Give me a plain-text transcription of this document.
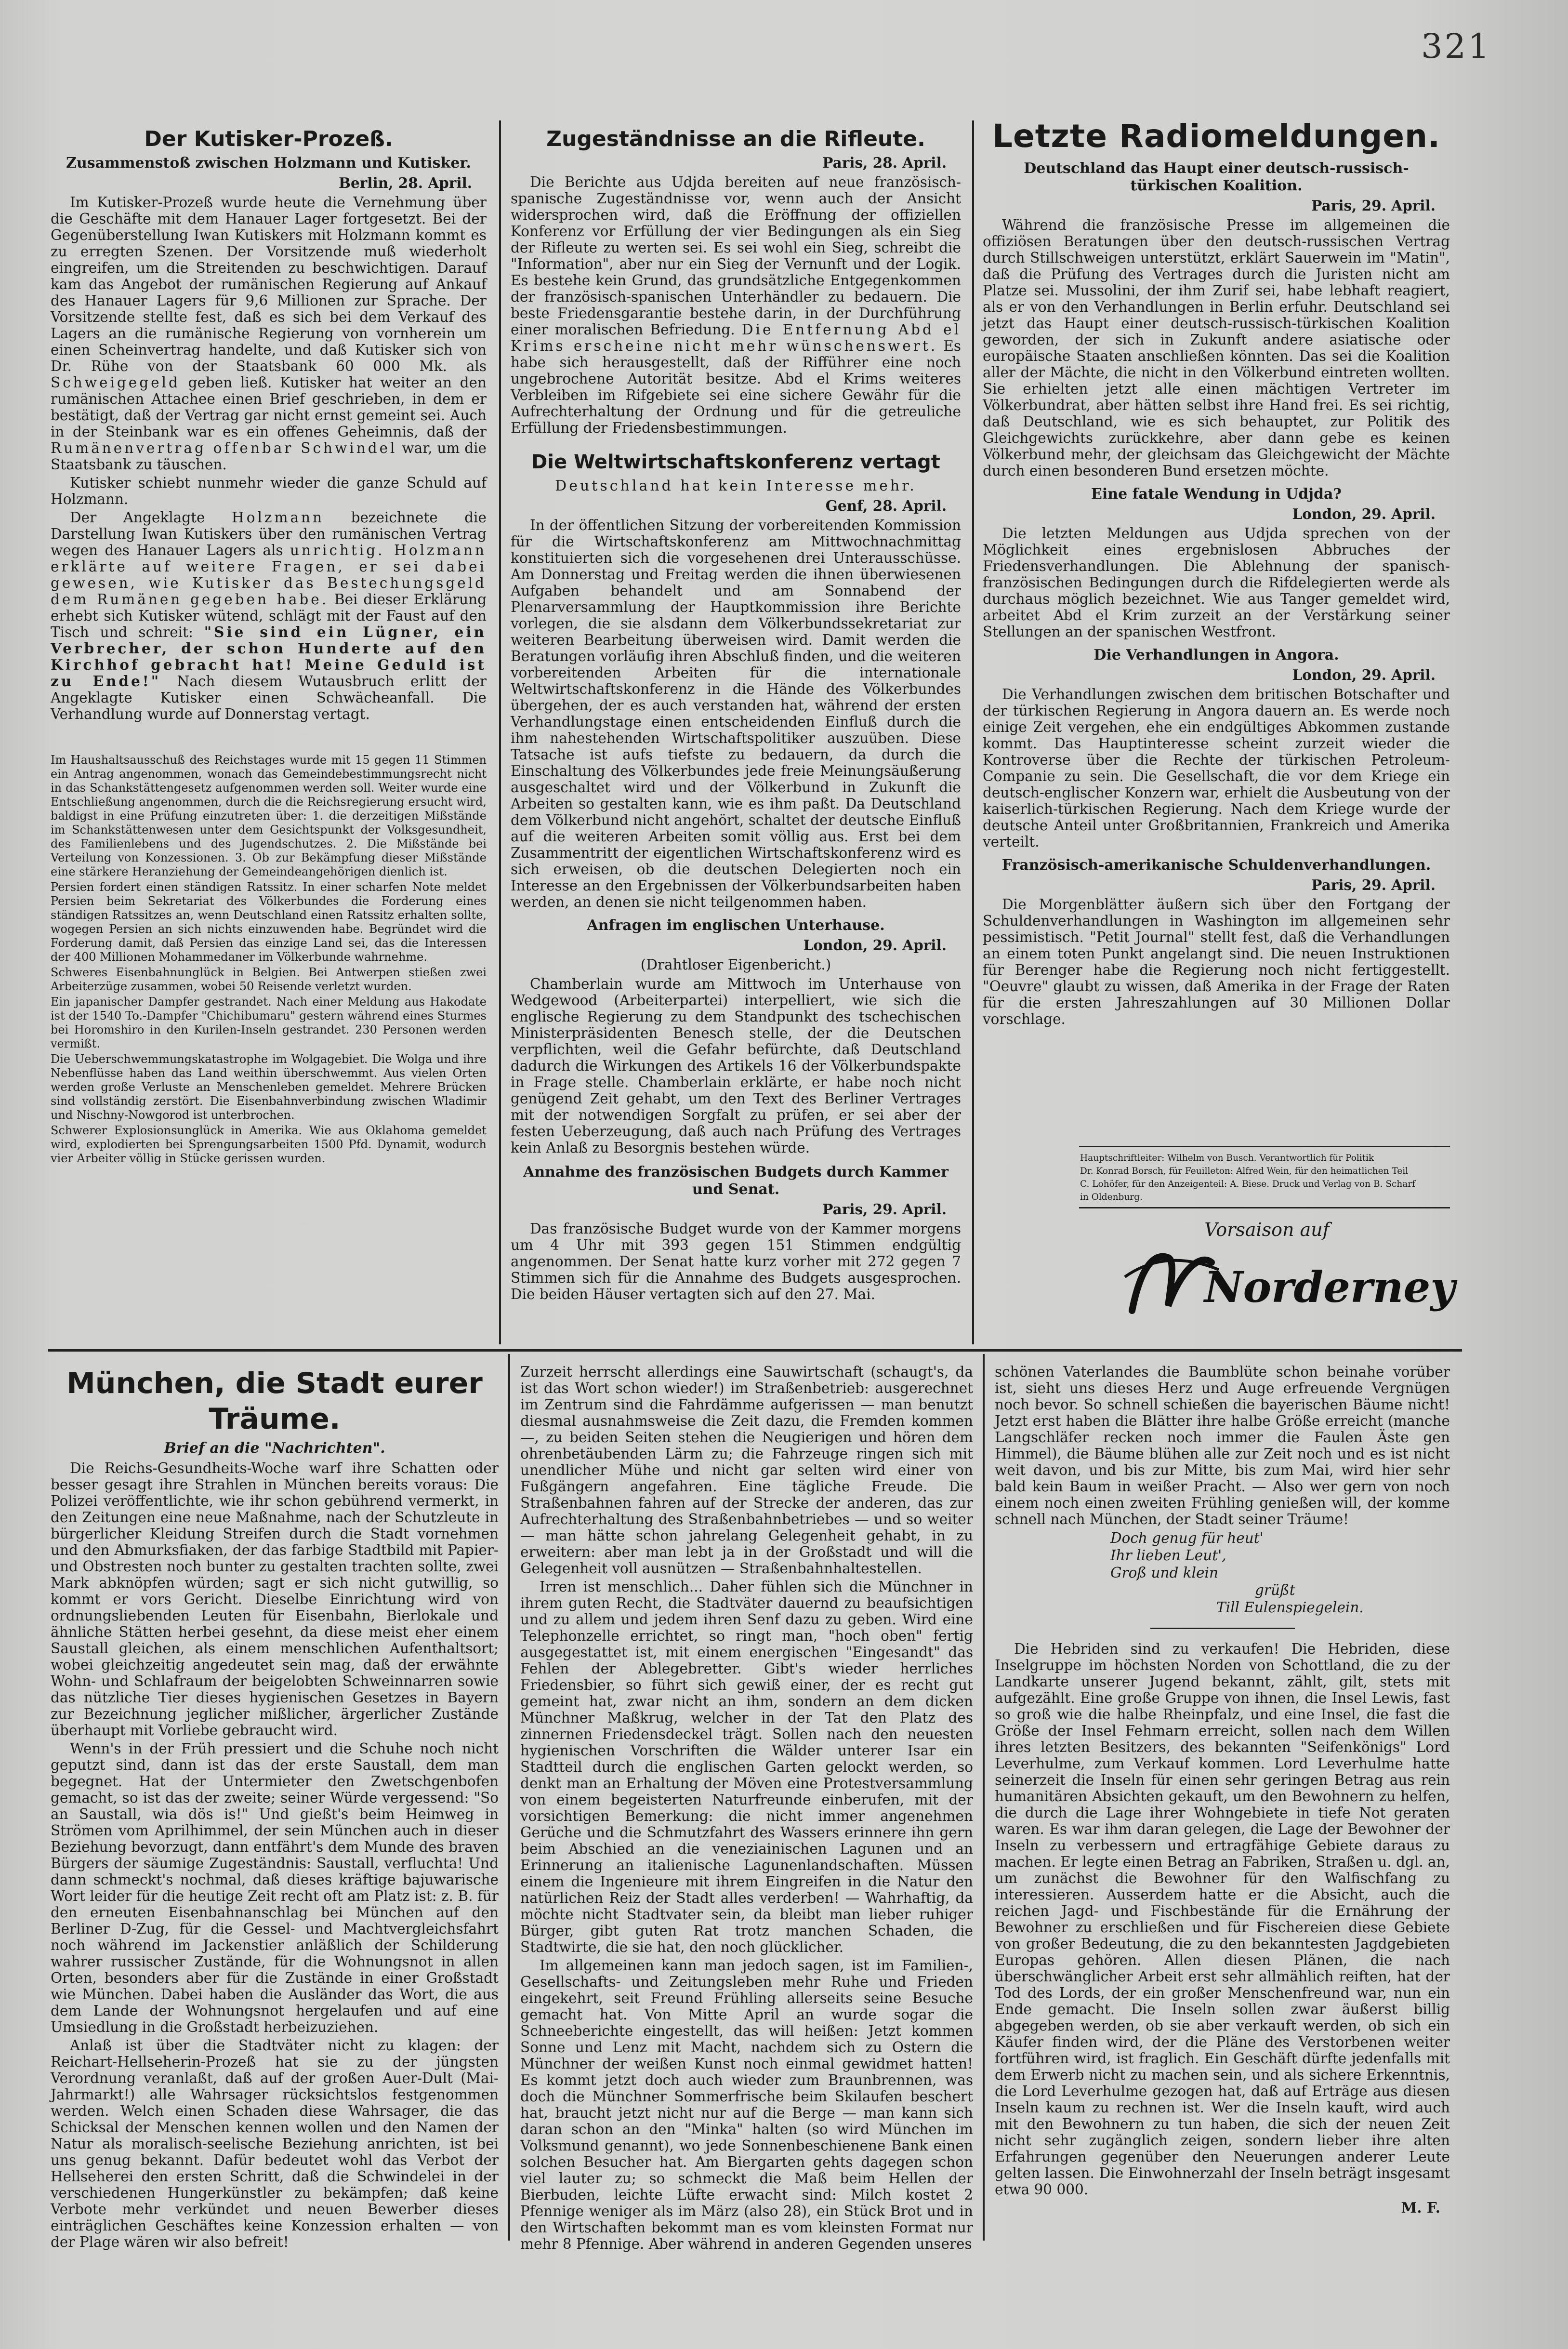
321
Der Kutisker-Prozeß.
Zusammenstoß zwischen Holzmann und Kutisker.
Berlin, 28. April.

Im Kutisker-Prozeß wurde heute die Vernehmung über die Geschäfte mit dem Hanauer Lager fortgesetzt. Bei der Gegenüberstellung Iwan Kutiskers mit Holzmann kommt es zu erregten Szenen. Der Vorsitzende muß wiederholt eingreifen, um die Streitenden zu beschwichtigen. Darauf kam das Angebot der rumänischen Regierung auf Ankauf des Hanauer Lagers für 9,6 Millionen zur Sprache. Der Vorsitzende stellte fest, daß es sich bei dem Verkauf des Lagers an die rumänische Regierung von vornherein um einen Scheinvertrag handelte, und daß Kutisker sich von Dr. Rühe von der Staatsbank 60 000 Mk. als Schweigegeld geben ließ. Kutisker hat weiter an den rumänischen Attachee einen Brief geschrieben, in dem er bestätigt, daß der Vertrag gar nicht ernst gemeint sei. Auch in der Steinbank war es ein offenes Geheimnis, daß der Rumänenvertrag offenbar Schwindel war, um die Staatsbank zu täuschen.

Kutisker schiebt nunmehr wieder die ganze Schuld auf Holzmann.

Der Angeklagte Holzmann bezeichnete die Darstellung Iwan Kutiskers über den rumänischen Vertrag wegen des Hanauer Lagers als unrichtig. Holzmann erklärte auf weitere Fragen, er sei dabei gewesen, wie Kutisker das Bestechungsgeld dem Rumänen gegeben habe. Bei dieser Erklärung erhebt sich Kutisker wütend, schlägt mit der Faust auf den Tisch und schreit: "Sie sind ein Lügner, ein Verbrecher, der schon Hunderte auf den Kirchhof gebracht hat! Meine Geduld ist zu Ende!" Nach diesem Wutausbruch erlitt der Angeklagte Kutisker einen Schwächeanfall. Die Verhandlung wurde auf Donnerstag vertagt.

Im Haushaltsausschuß des Reichstages wurde mit 15 gegen 11 Stimmen ein Antrag angenommen, wonach das Gemeindebestimmungsrecht nicht in das Schankstättengesetz aufgenommen werden soll. Weiter wurde eine Entschließung angenommen, durch die die Reichsregierung ersucht wird, baldigst in eine Prüfung einzutreten über: 1. die derzeitigen Mißstände im Schankstättenwesen unter dem Gesichtspunkt der Volksgesundheit, des Familienlebens und des Jugendschutzes. 2. Die Mißstände bei Verteilung von Konzessionen. 3. Ob zur Bekämpfung dieser Mißstände eine stärkere Heranziehung der Gemeindeangehörigen dienlich ist.

Persien fordert einen ständigen Ratssitz. In einer scharfen Note meldet Persien beim Sekretariat des Völkerbundes die Forderung eines ständigen Ratssitzes an, wenn Deutschland einen Ratssitz erhalten sollte, wogegen Persien an sich nichts einzuwenden habe. Begründet wird die Forderung damit, daß Persien das einzige Land sei, das die Interessen der 400 Millionen Mohammedaner im Völkerbunde wahrnehme.

Schweres Eisenbahnunglück in Belgien. Bei Antwerpen stießen zwei Arbeiterzüge zusammen, wobei 50 Reisende verletzt wurden.

Ein japanischer Dampfer gestrandet. Nach einer Meldung aus Hakodate ist der 1540 To.-Dampfer "Chichibumaru" gestern während eines Sturmes bei Horomshiro in den Kurilen-Inseln gestrandet. 230 Personen werden vermißt.

Die Ueberschwemmungskatastrophe im Wolgagebiet. Die Wolga und ihre Nebenflüsse haben das Land weithin überschwemmt. Aus vielen Orten werden große Verluste an Menschenleben gemeldet. Mehrere Brücken sind vollständig zerstört. Die Eisenbahnverbindung zwischen Wladimir und Nischny-Nowgorod ist unterbrochen.

Schwerer Explosionsunglück in Amerika. Wie aus Oklahoma gemeldet wird, explodierten bei Sprengungsarbeiten 1500 Pfd. Dynamit, wodurch vier Arbeiter völlig in Stücke gerissen wurden.

Zugeständnisse an die Rifleute.
Paris, 28. April.

Die Berichte aus Udjda bereiten auf neue französisch-spanische Zugeständnisse vor, wenn auch der Ansicht widersprochen wird, daß die Eröffnung der offiziellen Konferenz vor Erfüllung der vier Bedingungen als ein Sieg der Rifleute zu werten sei. Es sei wohl ein Sieg, schreibt die "Information", aber nur ein Sieg der Vernunft und der Logik. Es bestehe kein Grund, das grundsätzliche Entgegenkommen der französisch-spanischen Unterhändler zu bedauern. Die beste Friedensgarantie bestehe darin, in der Durchführung einer moralischen Befriedung. Die Entfernung Abd el Krims erscheine nicht mehr wünschenswert. Es habe sich herausgestellt, daß der Rifführer eine noch ungebrochene Autorität besitze. Abd el Krims weiteres Verbleiben im Rifgebiete sei eine sichere Gewähr für die Aufrechterhaltung der Ordnung und für die getreuliche Erfüllung der Friedensbestimmungen.

Die Weltwirtschaftskonferenz vertagt
Deutschland hat kein Interesse mehr.
Genf, 28. April.

In der öffentlichen Sitzung der vorbereitenden Kommission für die Wirtschaftskonferenz am Mittwochnachmittag konstituierten sich die vorgesehenen drei Unterausschüsse. Am Donnerstag und Freitag werden die ihnen überwiesenen Aufgaben behandelt und am Sonnabend der Plenarversammlung der Hauptkommission ihre Berichte vorlegen, die sie alsdann dem Völkerbundssekretariat zur weiteren Bearbeitung überweisen wird. Damit werden die Beratungen vorläufig ihren Abschluß finden, und die weiteren vorbereitenden Arbeiten für die internationale Weltwirtschaftskonferenz in die Hände des Völkerbundes übergehen, der es auch verstanden hat, während der ersten Verhandlungstage einen entscheidenden Einfluß durch die ihm nahestehenden Wirtschaftspolitiker auszuüben. Diese Tatsache ist aufs tiefste zu bedauern, da durch die Einschaltung des Völkerbundes jede freie Meinungsäußerung ausgeschaltet wird und der Völkerbund in Zukunft die Arbeiten so gestalten kann, wie es ihm paßt. Da Deutschland dem Völkerbund nicht angehört, schaltet der deutsche Einfluß auf die weiteren Arbeiten somit völlig aus. Erst bei dem Zusammentritt der eigentlichen Wirtschaftskonferenz wird es sich erweisen, ob die deutschen Delegierten noch ein Interesse an den Ergebnissen der Völkerbundsarbeiten haben werden, an denen sie nicht teilgenommen haben.

Anfragen im englischen Unterhause.
London, 29. April.
(Drahtloser Eigenbericht.)

Chamberlain wurde am Mittwoch im Unterhause von Wedgewood (Arbeiterpartei) interpelliert, wie sich die englische Regierung zu dem Standpunkt des tschechischen Ministerpräsidenten Benesch stelle, der die Deutschen verpflichten, weil die Gefahr befürchte, daß Deutschland dadurch die Wirkungen des Artikels 16 der Völkerbundspakte in Frage stelle. Chamberlain erklärte, er habe noch nicht genügend Zeit gehabt, um den Text des Berliner Vertrages mit der notwendigen Sorgfalt zu prüfen, er sei aber der festen Ueberzeugung, daß auch nach Prüfung des Vertrages kein Anlaß zu Besorgnis bestehen würde.

Annahme des französischen Budgets durch Kammer und Senat.
Paris, 29. April.

Das französische Budget wurde von der Kammer morgens um 4 Uhr mit 393 gegen 151 Stimmen endgültig angenommen. Der Senat hatte kurz vorher mit 272 gegen 7 Stimmen sich für die Annahme des Budgets ausgesprochen. Die beiden Häuser vertagten sich auf den 27. Mai.

Letzte Radiomeldungen.
Deutschland das Haupt einer deutsch-russisch-türkischen Koalition.
Paris, 29. April.

Während die französische Presse im allgemeinen die offiziösen Beratungen über den deutsch-russischen Vertrag durch Stillschweigen unterstützt, erklärt Sauerwein im "Matin", daß die Prüfung des Vertrages durch die Juristen nicht am Platze sei. Mussolini, der ihm Zurif sei, habe lebhaft reagiert, als er von den Verhandlungen in Berlin erfuhr. Deutschland sei jetzt das Haupt einer deutsch-russisch-türkischen Koalition geworden, der sich in Zukunft andere asiatische oder europäische Staaten anschließen könnten. Das sei die Koalition aller der Mächte, die nicht in den Völkerbund eintreten wollten. Sie erhielten jetzt alle einen mächtigen Vertreter im Völkerbundrat, aber hätten selbst ihre Hand frei. Es sei richtig, daß Deutschland, wie es sich behauptet, zur Politik des Gleichgewichts zurückkehre, aber dann gebe es keinen Völkerbund mehr, der gleichsam das Gleichgewicht der Mächte durch einen besonderen Bund ersetzen möchte.

Eine fatale Wendung in Udjda?
London, 29. April.

Die letzten Meldungen aus Udjda sprechen von der Möglichkeit eines ergebnislosen Abbruches der Friedensverhandlungen. Die Ablehnung der spanisch-französischen Bedingungen durch die Rifdelegierten werde als durchaus möglich bezeichnet. Wie aus Tanger gemeldet wird, arbeitet Abd el Krim zurzeit an der Verstärkung seiner Stellungen an der spanischen Westfront.

Die Verhandlungen in Angora.
London, 29. April.

Die Verhandlungen zwischen dem britischen Botschafter und der türkischen Regierung in Angora dauern an. Es werde noch einige Zeit vergehen, ehe ein endgültiges Abkommen zustande kommt. Das Hauptinteresse scheint zurzeit wieder die Kontroverse über die Rechte der türkischen Petroleum-Companie zu sein. Die Gesellschaft, die vor dem Kriege ein deutsch-englischer Konzern war, erhielt die Ausbeutung von der kaiserlich-türkischen Regierung. Nach dem Kriege wurde der deutsche Anteil unter Großbritannien, Frankreich und Amerika verteilt.

Französisch-amerikanische Schuldenverhandlungen.
Paris, 29. April.

Die Morgenblätter äußern sich über den Fortgang der Schuldenverhandlungen in Washington im allgemeinen sehr pessimistisch. "Petit Journal" stellt fest, daß die Verhandlungen an einem toten Punkt angelangt sind. Die neuen Instruktionen für Berenger habe die Regierung noch nicht fertiggestellt. "Oeuvre" glaubt zu wissen, daß Amerika in der Frage der Raten für die ersten Jahreszahlungen auf 30 Millionen Dollar vorschlage.

Hauptschriftleiter: Wilhelm von Busch. Verantwortlich für Politik
Dr. Konrad Borsch, für Feuilleton: Alfred Wein, für den heimatlichen Teil
C. Lohöfer, für den Anzeigenteil: A. Biese. Druck und Verlag von B. Scharf
in Oldenburg.
Vorsaison auf
Norderney
München, die Stadt eurer Träume.
Brief an die "Nachrichten".

Die Reichs-Gesundheits-Woche warf ihre Schatten oder besser gesagt ihre Strahlen in München bereits voraus: Die Polizei veröffentlichte, wie ihr schon gebührend vermerkt, in den Zeitungen eine neue Maßnahme, nach der Schutzleute in bürgerlicher Kleidung Streifen durch die Stadt vornehmen und den Abmurksfiaken, der das farbige Stadtbild mit Papier- und Obstresten noch bunter zu gestalten trachten sollte, zwei Mark abknöpfen würden; sagt er sich nicht gutwillig, so kommt er vors Gericht. Dieselbe Einrichtung wird von ordnungsliebenden Leuten für Eisenbahn, Bierlokale und ähnliche Stätten herbei gesehnt, da diese meist eher einem Saustall gleichen, als einem menschlichen Aufenthaltsort; wobei gleichzeitig angedeutet sein mag, daß der erwähnte Wohn- und Schlafraum der beigelobten Schweinnarren sowie das nützliche Tier dieses hygienischen Gesetzes in Bayern zur Bezeichnung jeglicher mißlicher, ärgerlicher Zustände überhaupt mit Vorliebe gebraucht wird.

Wenn's in der Früh pressiert und die Schuhe noch nicht geputzt sind, dann ist das der erste Saustall, dem man begegnet. Hat der Untermieter den Zwetschgenbofen gemacht, so ist das der zweite; seiner Würde vergessend: "So an Saustall, wia dös is!" Und gießt's beim Heimweg in Strömen vom Aprilhimmel, der sein München auch in dieser Beziehung bevorzugt, dann entfährt's dem Munde des braven Bürgers der säumige Zugeständnis: Saustall, verfluchta! Und dann schmeckt's nochmal, daß dieses kräftige bajuwarische Wort leider für die heutige Zeit recht oft am Platz ist: z. B. für den erneuten Eisenbahnanschlag bei München auf den Berliner D-Zug, für die Gessel- und Machtvergleichsfahrt noch während im Jackenstier anläßlich der Schilderung wahrer russischer Zustände, für die Wohnungsnot in allen Orten, besonders aber für die Zustände in einer Großstadt wie München. Dabei haben die Ausländer das Wort, die aus dem Lande der Wohnungsnot hergelaufen und auf eine Umsiedlung in die Großstadt herbeizuziehen.

Anlaß ist über die Stadtväter nicht zu klagen: der Reichart-Hellseherin-Prozeß hat sie zu der jüngsten Verordnung veranlaßt, daß auf der großen Auer-Dult (Mai-Jahrmarkt!) alle Wahrsager rücksichtslos festgenommen werden. Welch einen Schaden diese Wahrsager, die das Schicksal der Menschen kennen wollen und den Namen der Natur als moralisch-seelische Beziehung anrichten, ist bei uns genug bekannt. Dafür bedeutet wohl das Verbot der Hellseherei den ersten Schritt, daß die Schwindelei in der verschiedenen Hungerkünstler zu bekämpfen; daß keine Verbote mehr verkündet und neuen Bewerber dieses einträglichen Geschäftes keine Konzession erhalten — von der Plage wären wir also befreit!

Zurzeit herrscht allerdings eine Sauwirtschaft (schaugt's, da ist das Wort schon wieder!) im Straßenbetrieb: ausgerechnet im Zentrum sind die Fahrdämme aufgerissen — man benutzt diesmal ausnahmsweise die Zeit dazu, die Fremden kommen —, zu beiden Seiten stehen die Neugierigen und hören dem ohrenbetäubenden Lärm zu; die Fahrzeuge ringen sich mit unendlicher Mühe und nicht gar selten wird einer von Fußgängern angefahren. Eine tägliche Freude. Die Straßenbahnen fahren auf der Strecke der anderen, das zur Aufrechterhaltung des Straßenbahnbetriebes — und so weiter — man hätte schon jahrelang Gelegenheit gehabt, in zu erweitern: aber man lebt ja in der Großstadt und will die Gelegenheit voll ausnützen — Straßenbahnhaltestellen.

Irren ist menschlich... Daher fühlen sich die Münchner in ihrem guten Recht, die Stadtväter dauernd zu beaufsichtigen und zu allem und jedem ihren Senf dazu zu geben. Wird eine Telephonzelle errichtet, so ringt man, "hoch oben" fertig ausgegestattet ist, mit einem energischen "Eingesandt" das Fehlen der Ablegebretter. Gibt's wieder herrliches Friedensbier, so führt sich gewiß einer, der es recht gut gemeint hat, zwar nicht an ihm, sondern an dem dicken Münchner Maßkrug, welcher in der Tat den Platz des zinnernen Friedensdeckel trägt. Sollen nach den neuesten hygienischen Vorschriften die Wälder unterer Isar ein Stadtteil durch die englischen Garten gelockt werden, so denkt man an Erhaltung der Möven eine Protestversammlung von einem begeisterten Naturfreunde einberufen, mit der vorsichtigen Bemerkung: die nicht immer angenehmen Gerüche und die Schmutzfahrt des Wassers erinnere ihn gern beim Abschied an die veneziainischen Lagunen und an Erinnerung an italienische Lagunenlandschaften. Müssen einem die Ingenieure mit ihrem Eingreifen in die Natur den natürlichen Reiz der Stadt alles verderben! — Wahrhaftig, da möchte nicht Stadtvater sein, da bleibt man lieber ruhiger Bürger, gibt guten Rat trotz manchen Schaden, die Stadtwirte, die sie hat, den noch glücklicher.

Im allgemeinen kann man jedoch sagen, ist im Familien-, Gesellschafts- und Zeitungsleben mehr Ruhe und Frieden eingekehrt, seit Freund Frühling allerseits seine Besuche gemacht hat. Von Mitte April an wurde sogar die Schneeberichte eingestellt, das will heißen: Jetzt kommen Sonne und Lenz mit Macht, nachdem sich zu Ostern die Münchner der weißen Kunst noch einmal gewidmet hatten! Es kommt jetzt doch auch wieder zum Braunbrennen, was doch die Münchner Sommerfrische beim Skilaufen beschert hat, braucht jetzt nicht nur auf die Berge — man kann sich daran schon an den "Minka" halten (so wird München im Volksmund genannt), wo jede Sonnenbeschienene Bank einen solchen Besucher hat. Am Biergarten gehts dagegen schon viel lauter zu; so schmeckt die Maß beim Hellen der Bierbuden, leichte Lüfte erwacht sind: Milch kostet 2 Pfennige weniger als im März (also 28), ein Stück Brot und in den Wirtschaften bekommt man es vom kleinsten Format nur mehr 8 Pfennige. Aber während in anderen Gegenden unseres

schönen Vaterlandes die Baumblüte schon beinahe vorüber ist, sieht uns dieses Herz und Auge erfreuende Vergnügen noch bevor. So schnell schießen die bayerischen Bäume nicht! Jetzt erst haben die Blätter ihre halbe Größe erreicht (manche Langschläfer recken noch immer die Faulen Äste gen Himmel), die Bäume blühen alle zur Zeit noch und es ist nicht weit davon, und bis zur Mitte, bis zum Mai, wird hier sehr bald kein Baum in weißer Pracht. — Also wer gern von noch einem noch einen zweiten Frühling genießen will, der komme schnell nach München, der Stadt seiner Träume!

Doch genug für heut'
Ihr lieben Leut',
Groß und klein
grüßt
Till Eulenspiegelein.

Die Hebriden sind zu verkaufen! Die Hebriden, diese Inselgruppe im höchsten Norden von Schottland, die zu der Landkarte unserer Jugend bekannt, zählt, gilt, stets mit aufgezählt. Eine große Gruppe von ihnen, die Insel Lewis, fast so groß wie die halbe Rheinpfalz, und eine Insel, die fast die Größe der Insel Fehmarn erreicht, sollen nach dem Willen ihres letzten Besitzers, des bekannten "Seifenkönigs" Lord Leverhulme, zum Verkauf kommen. Lord Leverhulme hatte seinerzeit die Inseln für einen sehr geringen Betrag aus rein humanitären Absichten gekauft, um den Bewohnern zu helfen, die durch die Lage ihrer Wohngebiete in tiefe Not geraten waren. Es war ihm daran gelegen, die Lage der Bewohner der Inseln zu verbessern und ertragfähige Gebiete daraus zu machen. Er legte einen Betrag an Fabriken, Straßen u. dgl. an, um zunächst die Bewohner für den Walfischfang zu interessieren. Ausserdem hatte er die Absicht, auch die reichen Jagd- und Fischbestände für die Ernährung der Bewohner zu erschließen und für Fischereien diese Gebiete von großer Bedeutung, die zu den bekanntesten Jagdgebieten Europas gehören. Allen diesen Plänen, die nach überschwänglicher Arbeit erst sehr allmählich reiften, hat der Tod des Lords, der ein großer Menschenfreund war, nun ein Ende gemacht. Die Inseln sollen zwar äußerst billig abgegeben werden, ob sie aber verkauft werden, ob sich ein Käufer finden wird, der die Pläne des Verstorbenen weiter fortführen wird, ist fraglich. Ein Geschäft dürfte jedenfalls mit dem Erwerb nicht zu machen sein, und als sichere Erkenntnis, die Lord Leverhulme gezogen hat, daß auf Erträge aus diesen Inseln kaum zu rechnen ist. Wer die Inseln kauft, wird auch mit den Bewohnern zu tun haben, die sich der neuen Zeit nicht sehr zugänglich zeigen, sondern lieber ihre alten Erfahrungen gegenüber den Neuerungen anderer Leute gelten lassen. Die Einwohnerzahl der Inseln beträgt insgesamt etwa 90 000.

M. F.
